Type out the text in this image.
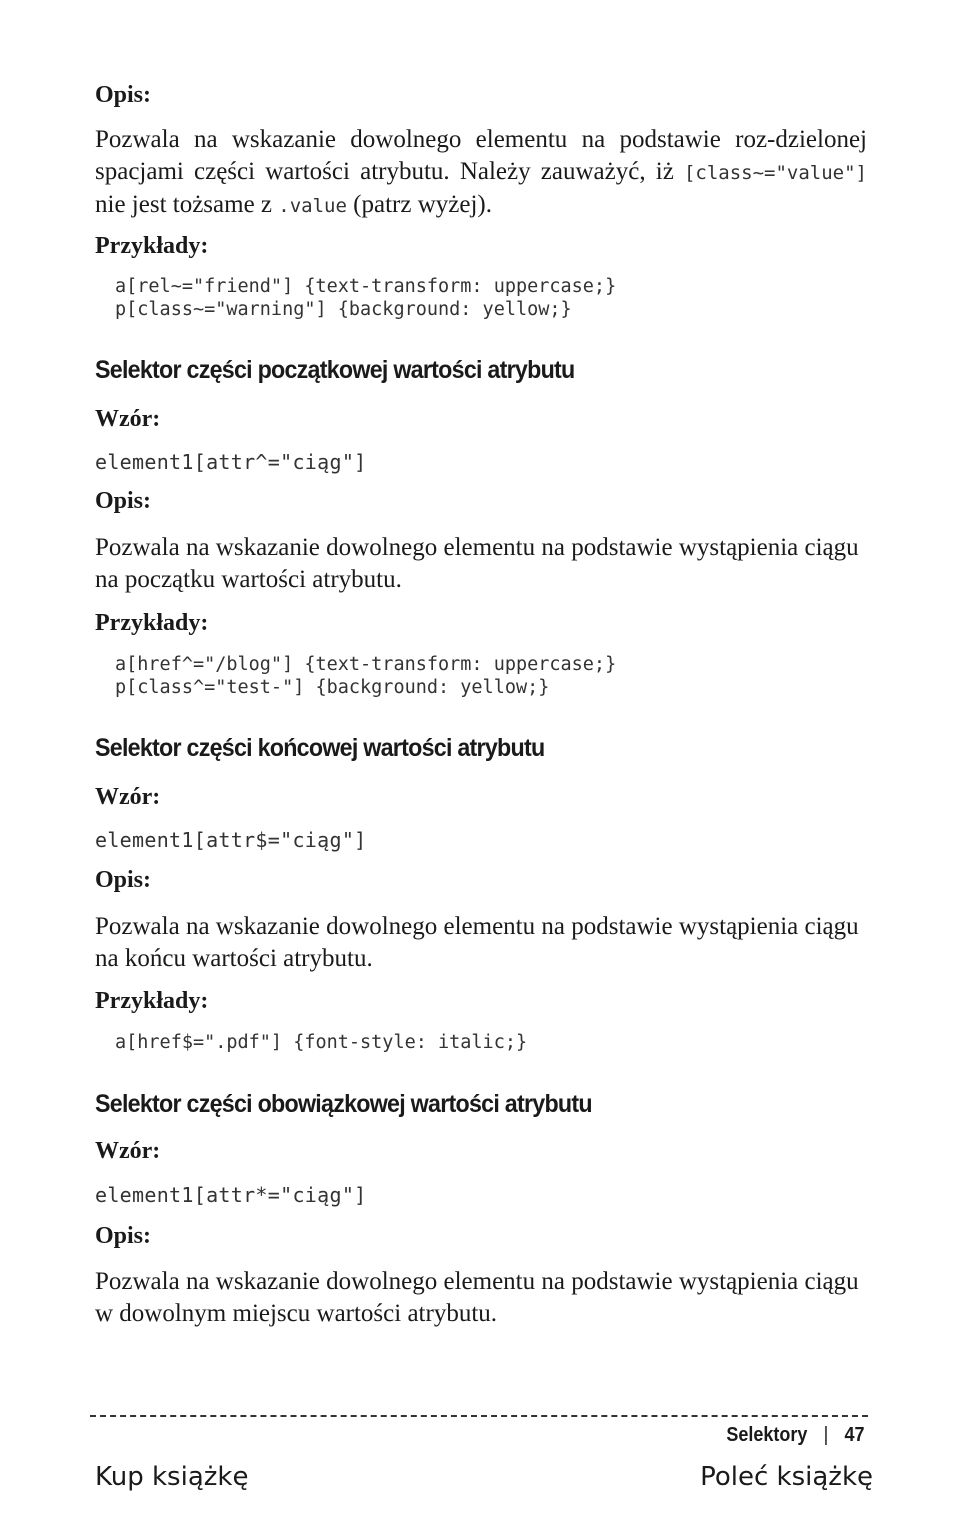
Opis:
Pozwala na wskazanie dowolnego elementu na podstawie roz-dzielonej spacjami części wartości atrybutu. Należy zauważyć, iż [class~="value"] nie jest tożsame z .value (patrz wyżej).
Przykłady:
a[rel~="friend"] {text-transform: uppercase;}
p[class~="warning"] {background: yellow;}
Selektor części początkowej wartości atrybutu
Wzór:
element1[attr^="ciąg"]
Opis:
Pozwala na wskazanie dowolnego elementu na podstawie wystąpienia ciągu na początku wartości atrybutu.
Przykłady:
a[href^="/blog"] {text-transform: uppercase;}
p[class^="test-"] {background: yellow;}
Selektor części końcowej wartości atrybutu
Wzór:
element1[attr$="ciąg"]
Opis:
Pozwala na wskazanie dowolnego elementu na podstawie wystąpienia ciągu na końcu wartości atrybutu.
Przykłady:
a[href$=".pdf"] {font-style: italic;}
Selektor części obowiązkowej wartości atrybutu
Wzór:
element1[attr*="ciąg"]
Opis:
Pozwala na wskazanie dowolnego elementu na podstawie wystąpienia ciągu w dowolnym miejscu wartości atrybutu.
Selektory | 47
Kup książkę	Poleć książkę
